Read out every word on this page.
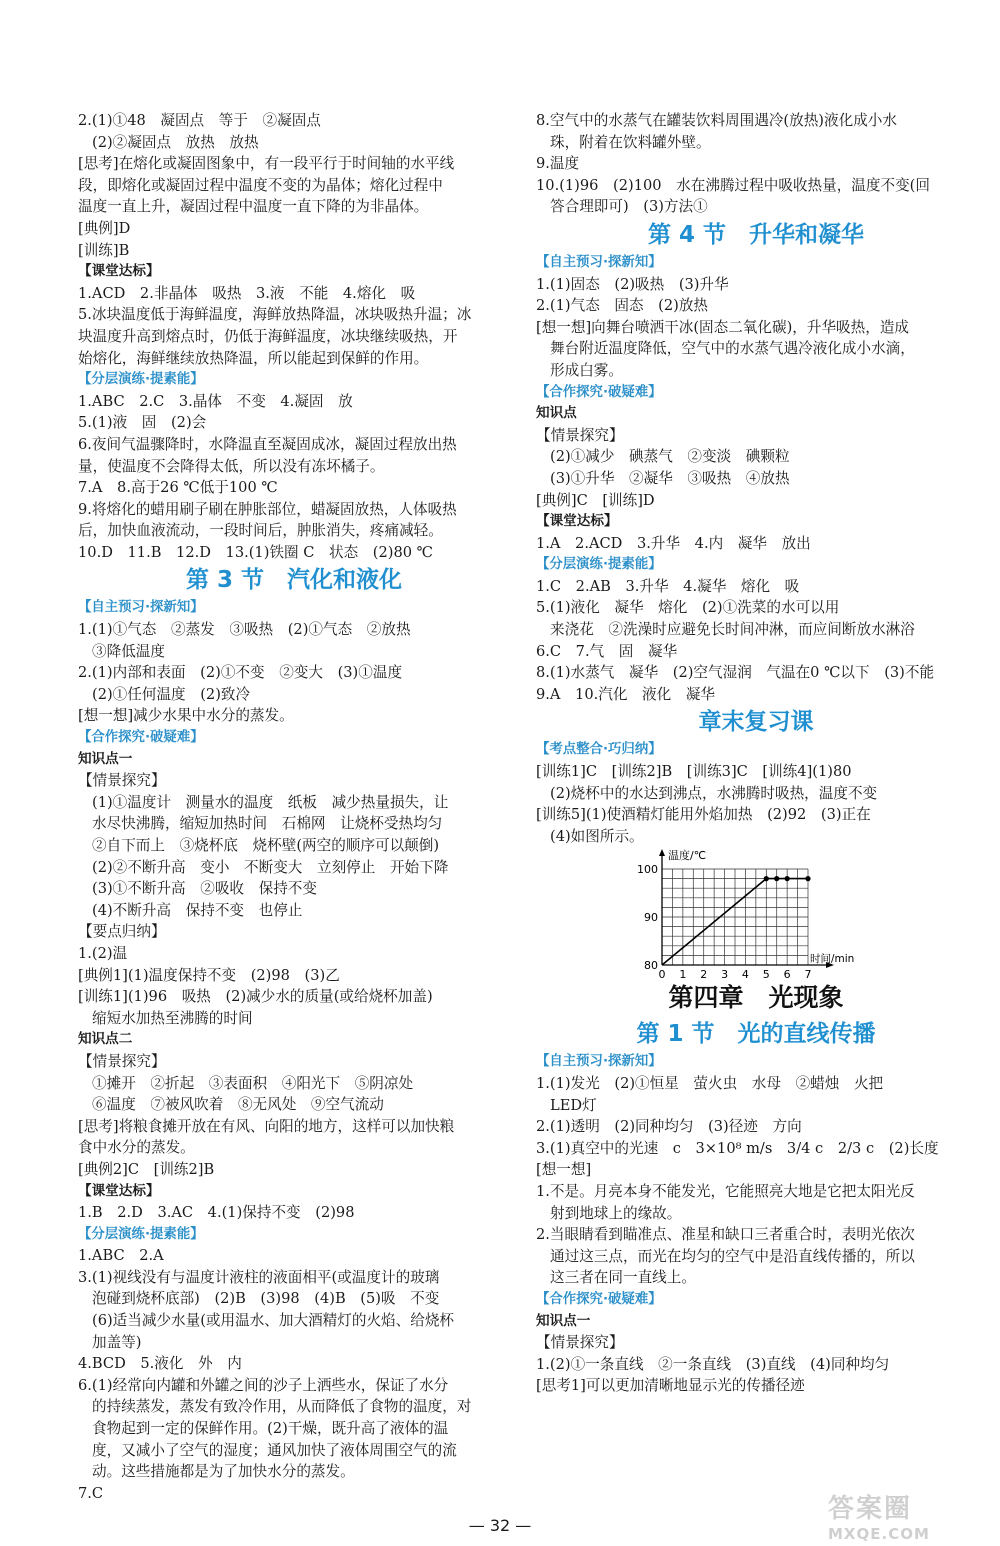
2.(1)①48　凝固点　等于　②凝固点
(2)②凝固点　放热　放热
[思考]在熔化或凝固图象中，有一段平行于时间轴的水平线
段，即熔化或凝固过程中温度不变的为晶体；熔化过程中
温度一直上升，凝固过程中温度一直下降的为非晶体。
[典例]D
[训练]B
【课堂达标】
1.ACD　2.非晶体　吸热　3.液　不能　4.熔化　吸
5.冰块温度低于海鲜温度，海鲜放热降温，冰块吸热升温；冰
块温度升高到熔点时，仍低于海鲜温度，冰块继续吸热，开
始熔化，海鲜继续放热降温，所以能起到保鲜的作用。
【分层演练·提素能】
1.ABC　2.C　3.晶体　不变　4.凝固　放
5.(1)液　固　(2)会
6.夜间气温骤降时，水降温直至凝固成冰，凝固过程放出热
量，使温度不会降得太低，所以没有冻坏橘子。
7.A　8.高于26 ℃低于100 ℃
9.将熔化的蜡用刷子刷在肿胀部位，蜡凝固放热，人体吸热
后，加快血液流动，一段时间后，肿胀消失，疼痛减轻。
10.D　11.B　12.D　13.(1)铁圈 C　状态　(2)80 ℃
第 3 节　汽化和液化
【自主预习·探新知】
1.(1)①气态　②蒸发　③吸热　(2)①气态　②放热
③降低温度
2.(1)内部和表面　(2)①不变　②变大　(3)①温度
(2)①任何温度　(2)致冷
[想一想]减少水果中水分的蒸发。
【合作探究·破疑难】
知识点一
【情景探究】
(1)①温度计　测量水的温度　纸板　减少热量损失，让
水尽快沸腾，缩短加热时间　石棉网　让烧杯受热均匀
②自下而上　③烧杯底　烧杯壁(两空的顺序可以颠倒)
(2)②不断升高　变小　不断变大　立刻停止　开始下降
(3)①不断升高　②吸收　保持不变
(4)不断升高　保持不变　也停止
【要点归纳】
1.(2)温
[典例1](1)温度保持不变　(2)98　(3)乙
[训练1](1)96　吸热　(2)减少水的质量(或给烧杯加盖)
缩短水加热至沸腾的时间
知识点二
【情景探究】
①摊开　②折起　③表面积　④阳光下　⑤阴凉处
⑥温度　⑦被风吹着　⑧无风处　⑨空气流动
[思考]将粮食摊开放在有风、向阳的地方，这样可以加快粮
食中水分的蒸发。
[典例2]C　[训练2]B
【课堂达标】
1.B　2.D　3.AC　4.(1)保持不变　(2)98
【分层演练·提素能】
1.ABC　2.A
3.(1)视线没有与温度计液柱的液面相平(或温度计的玻璃
泡碰到烧杯底部)　(2)B　(3)98　(4)B　(5)吸　不变
(6)适当减少水量(或用温水、加大酒精灯的火焰、给烧杯
加盖等)
4.BCD　5.液化　外　内
6.(1)经常向内罐和外罐之间的沙子上洒些水，保证了水分
的持续蒸发，蒸发有致冷作用，从而降低了食物的温度，对
食物起到一定的保鲜作用。(2)干燥，既升高了液体的温
度，又减小了空气的湿度；通风加快了液体周围空气的流
动。这些措施都是为了加快水分的蒸发。
7.C
8.空气中的水蒸气在罐装饮料周围遇冷(放热)液化成小水
珠，附着在饮料罐外壁。
9.温度
10.(1)96　(2)100　水在沸腾过程中吸收热量，温度不变(回
答合理即可)　(3)方法①
第 4 节　升华和凝华
【自主预习·探新知】
1.(1)固态　(2)吸热　(3)升华
2.(1)气态　固态　(2)放热
[想一想]向舞台喷洒干冰(固态二氧化碳)，升华吸热，造成
舞台附近温度降低，空气中的水蒸气遇冷液化成小水滴，
形成白雾。
【合作探究·破疑难】
知识点
【情景探究】
(2)①减少　碘蒸气　②变淡　碘颗粒
(3)①升华　②凝华　③吸热　④放热
[典例]C　[训练]D
【课堂达标】
1.A　2.ACD　3.升华　4.内　凝华　放出
【分层演练·提素能】
1.C　2.AB　3.升华　4.凝华　熔化　吸
5.(1)液化　凝华　熔化　(2)①洗菜的水可以用
来浇花　②洗澡时应避免长时间冲淋，而应间断放水淋浴
6.C　7.气　固　凝华
8.(1)水蒸气　凝华　(2)空气湿润　气温在0 ℃以下　(3)不能
9.A　10.汽化　液化　凝华
章末复习课
【考点整合·巧归纳】
[训练1]C　[训练2]B　[训练3]C　[训练4](1)80
(2)烧杯中的水达到沸点，水沸腾时吸热，温度不变
[训练5](1)使酒精灯能用外焰加热　(2)92　(3)正在
(4)如图所示。
80
90
100
0 1 2 3 4 5 6 7
温度/℃
时间/min
第四章　光现象
第 1 节　光的直线传播
【自主预习·探新知】
1.(1)发光　(2)①恒星　萤火虫　水母　②蜡烛　火把
LED灯
2.(1)透明　(2)同种均匀　(3)径迹　方向
3.(1)真空中的光速　c　3×10⁸ m/s　3/4 c　2/3 c　(2)长度
[想一想]
1.不是。月亮本身不能发光，它能照亮大地是它把太阳光反
射到地球上的缘故。
2.当眼睛看到瞄准点、准星和缺口三者重合时，表明光依次
通过这三点，而光在均匀的空气中是沿直线传播的，所以
这三者在同一直线上。
【合作探究·破疑难】
知识点一
【情景探究】
1.(2)①一条直线　②一条直线　(3)直线　(4)同种均匀
[思考1]可以更加清晰地显示光的传播径迹
— 32 —
答案圈
MXQE.COM
